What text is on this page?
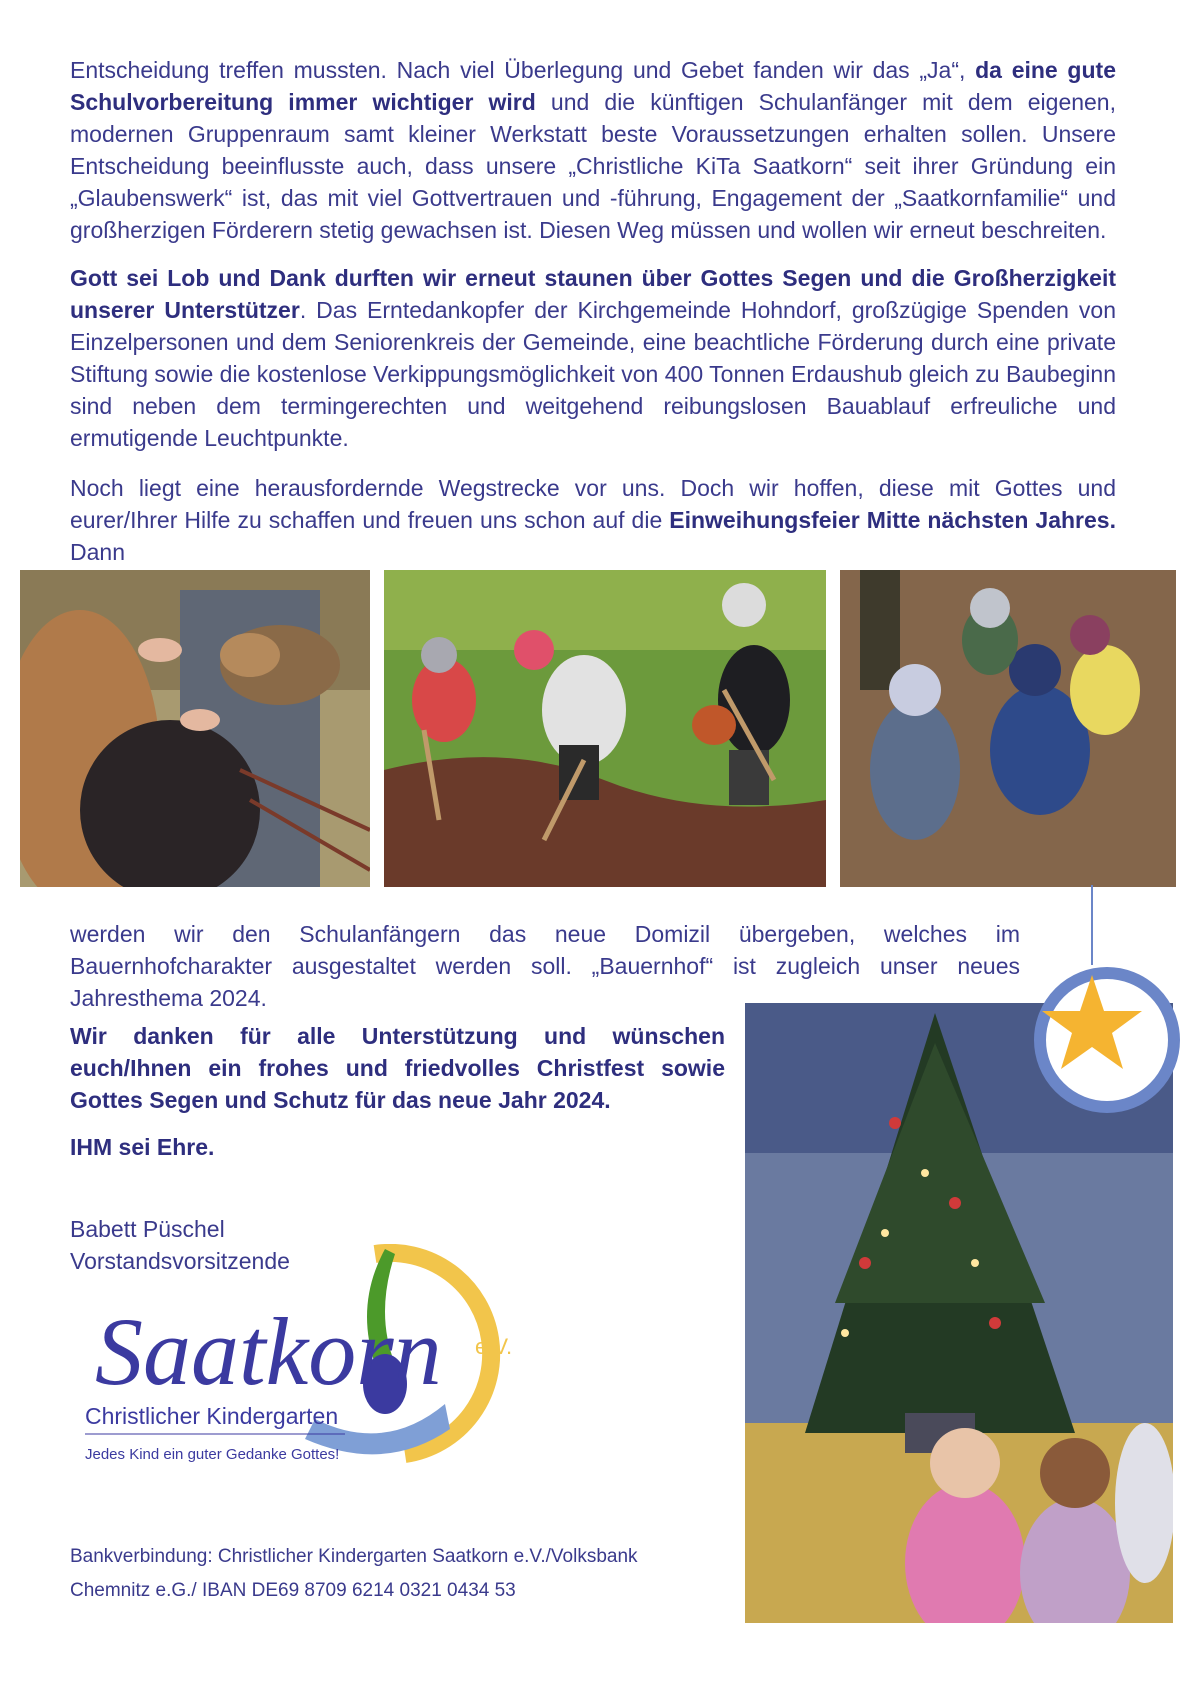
Entscheidung treffen mussten. Nach viel Überlegung und Gebet fanden wir das „Ja“, da eine gute Schulvorbereitung immer wichtiger wird und die künftigen Schulanfänger mit dem eigenen, modernen Gruppenraum samt kleiner Werkstatt beste Voraussetzungen erhalten sollen. Unsere Entscheidung beeinflusste auch, dass unsere „Christliche KiTa Saatkorn“ seit ihrer Gründung ein „Glaubenswerk“ ist, das mit viel Gottvertrauen und -führung, Engagement der „Saatkornfamilie“ und großherzigen Förderern stetig gewachsen ist. Diesen Weg müssen und wollen wir erneut beschreiten.

Gott sei Lob und Dank durften wir erneut staunen über Gottes Segen und die Großherzigkeit unserer Unterstützer. Das Erntedankopfer der Kirchgemeinde Hohndorf, großzügige Spenden von Einzelpersonen und dem Seniorenkreis der Gemeinde, eine beachtliche Förderung durch eine private Stiftung sowie die kostenlose Verkippungsmöglichkeit von 400 Tonnen Erdaushub gleich zu Baubeginn sind neben dem termingerechten und weitgehend reibungslosen Bauablauf erfreuliche und ermutigende Leuchtpunkte.

Noch liegt eine herausfordernde Wegstrecke vor uns. Doch wir hoffen, diese mit Gottes und eurer/Ihrer Hilfe zu schaffen und freuen uns schon auf die Einweihungsfeier Mitte nächsten Jahres. Dann

werden wir den Schulanfängern das neue Domizil übergeben, welches im Bauernhofcharakter ausgestaltet werden soll. „Bauernhof“ ist zugleich unser neues Jahresthema 2024.

Wir danken für alle Unterstützung und wünschen euch/Ihnen ein frohes und friedvolles Christfest sowie Gottes Segen und Schutz für das neue Jahr 2024.

IHM sei Ehre.

Babett Püschel

Vorstandsvorsitzende

Saatkorn e.V.
Christlicher Kindergarten
Jedes Kind ein guter Gedanke Gottes!

Bankverbindung: Christlicher Kindergarten Saatkorn e.V./Volksbank

Chemnitz e.G./ IBAN DE69 8709 6214 0321 0434 53
